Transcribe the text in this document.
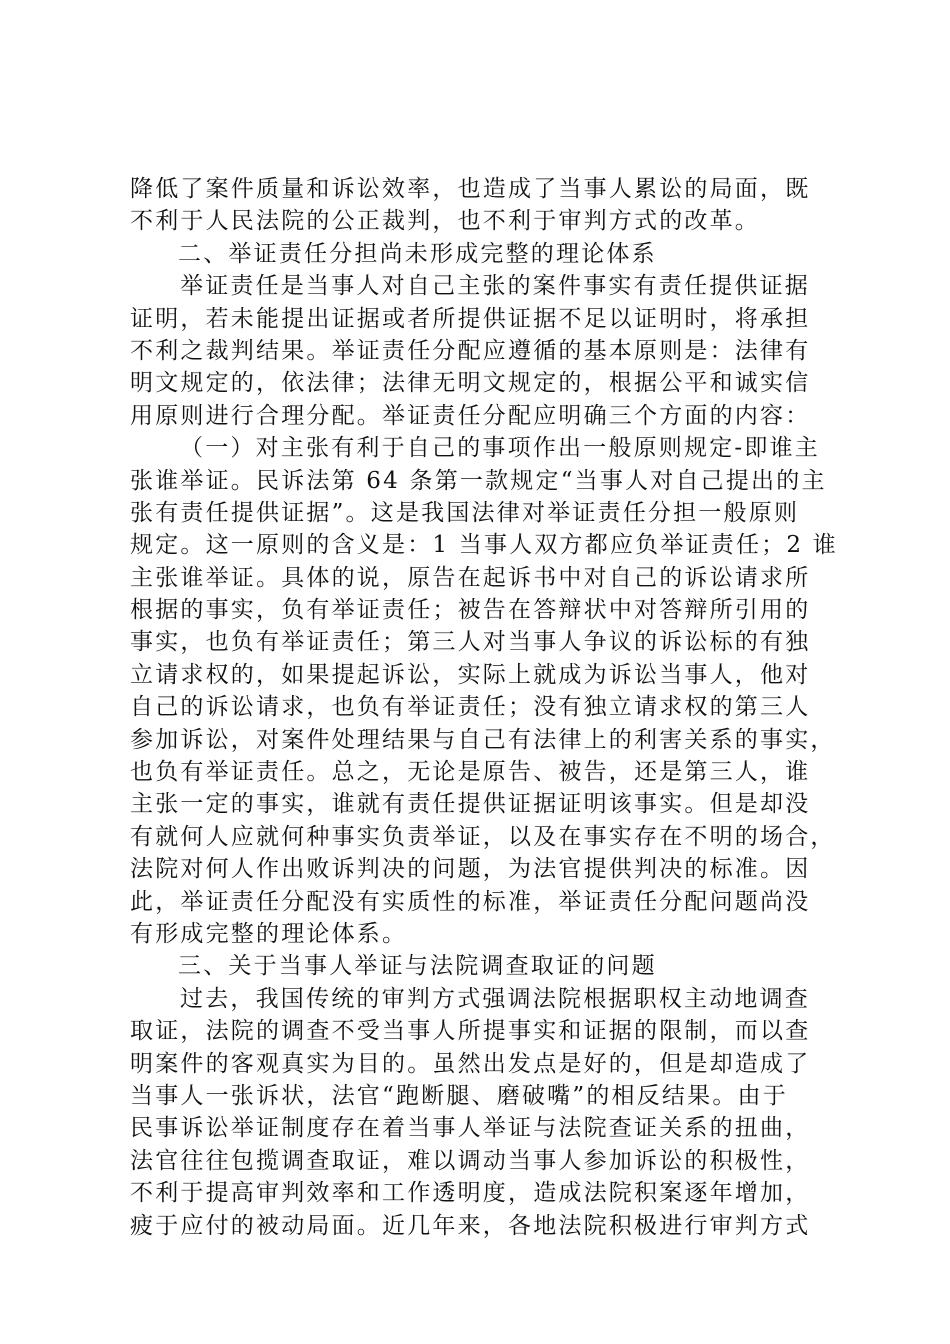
降低了案件质量和诉讼效率，也造成了当事人累讼的局面，既
不利于人民法院的公正裁判，也不利于审判方式的改革。
二、举证责任分担尚未形成完整的理论体系
举证责任是当事人对自己主张的案件事实有责任提供证据
证明，若未能提出证据或者所提供证据不足以证明时，将承担
不利之裁判结果。举证责任分配应遵循的基本原则是：法律有
明文规定的，依法律；法律无明文规定的，根据公平和诚实信
用原则进行合理分配。举证责任分配应明确三个方面的内容：
（一）对主张有利于自己的事项作出一般原则规定-即谁主
张谁举证。民诉法第 64 条第一款规定“当事人对自己提出的主
张有责任提供证据”。这是我国法律对举证责任分担一般原则
规定。这一原则的含义是：1 当事人双方都应负举证责任；2 谁
主张谁举证。具体的说，原告在起诉书中对自己的诉讼请求所
根据的事实，负有举证责任；被告在答辩状中对答辩所引用的
事实，也负有举证责任；第三人对当事人争议的诉讼标的有独
立请求权的，如果提起诉讼，实际上就成为诉讼当事人，他对
自己的诉讼请求，也负有举证责任；没有独立请求权的第三人
参加诉讼，对案件处理结果与自己有法律上的利害关系的事实，
也负有举证责任。总之，无论是原告、被告，还是第三人，谁
主张一定的事实，谁就有责任提供证据证明该事实。但是却没
有就何人应就何种事实负责举证，以及在事实存在不明的场合，
法院对何人作出败诉判决的问题，为法官提供判决的标准。因
此，举证责任分配没有实质性的标准，举证责任分配问题尚没
有形成完整的理论体系。
三、关于当事人举证与法院调查取证的问题
过去，我国传统的审判方式强调法院根据职权主动地调查
取证，法院的调查不受当事人所提事实和证据的限制，而以查
明案件的客观真实为目的。虽然出发点是好的，但是却造成了
当事人一张诉状，法官“跑断腿、磨破嘴”的相反结果。由于
民事诉讼举证制度存在着当事人举证与法院查证关系的扭曲，
法官往往包揽调查取证，难以调动当事人参加诉讼的积极性，
不利于提高审判效率和工作透明度，造成法院积案逐年增加，
疲于应付的被动局面。近几年来，各地法院积极进行审判方式
